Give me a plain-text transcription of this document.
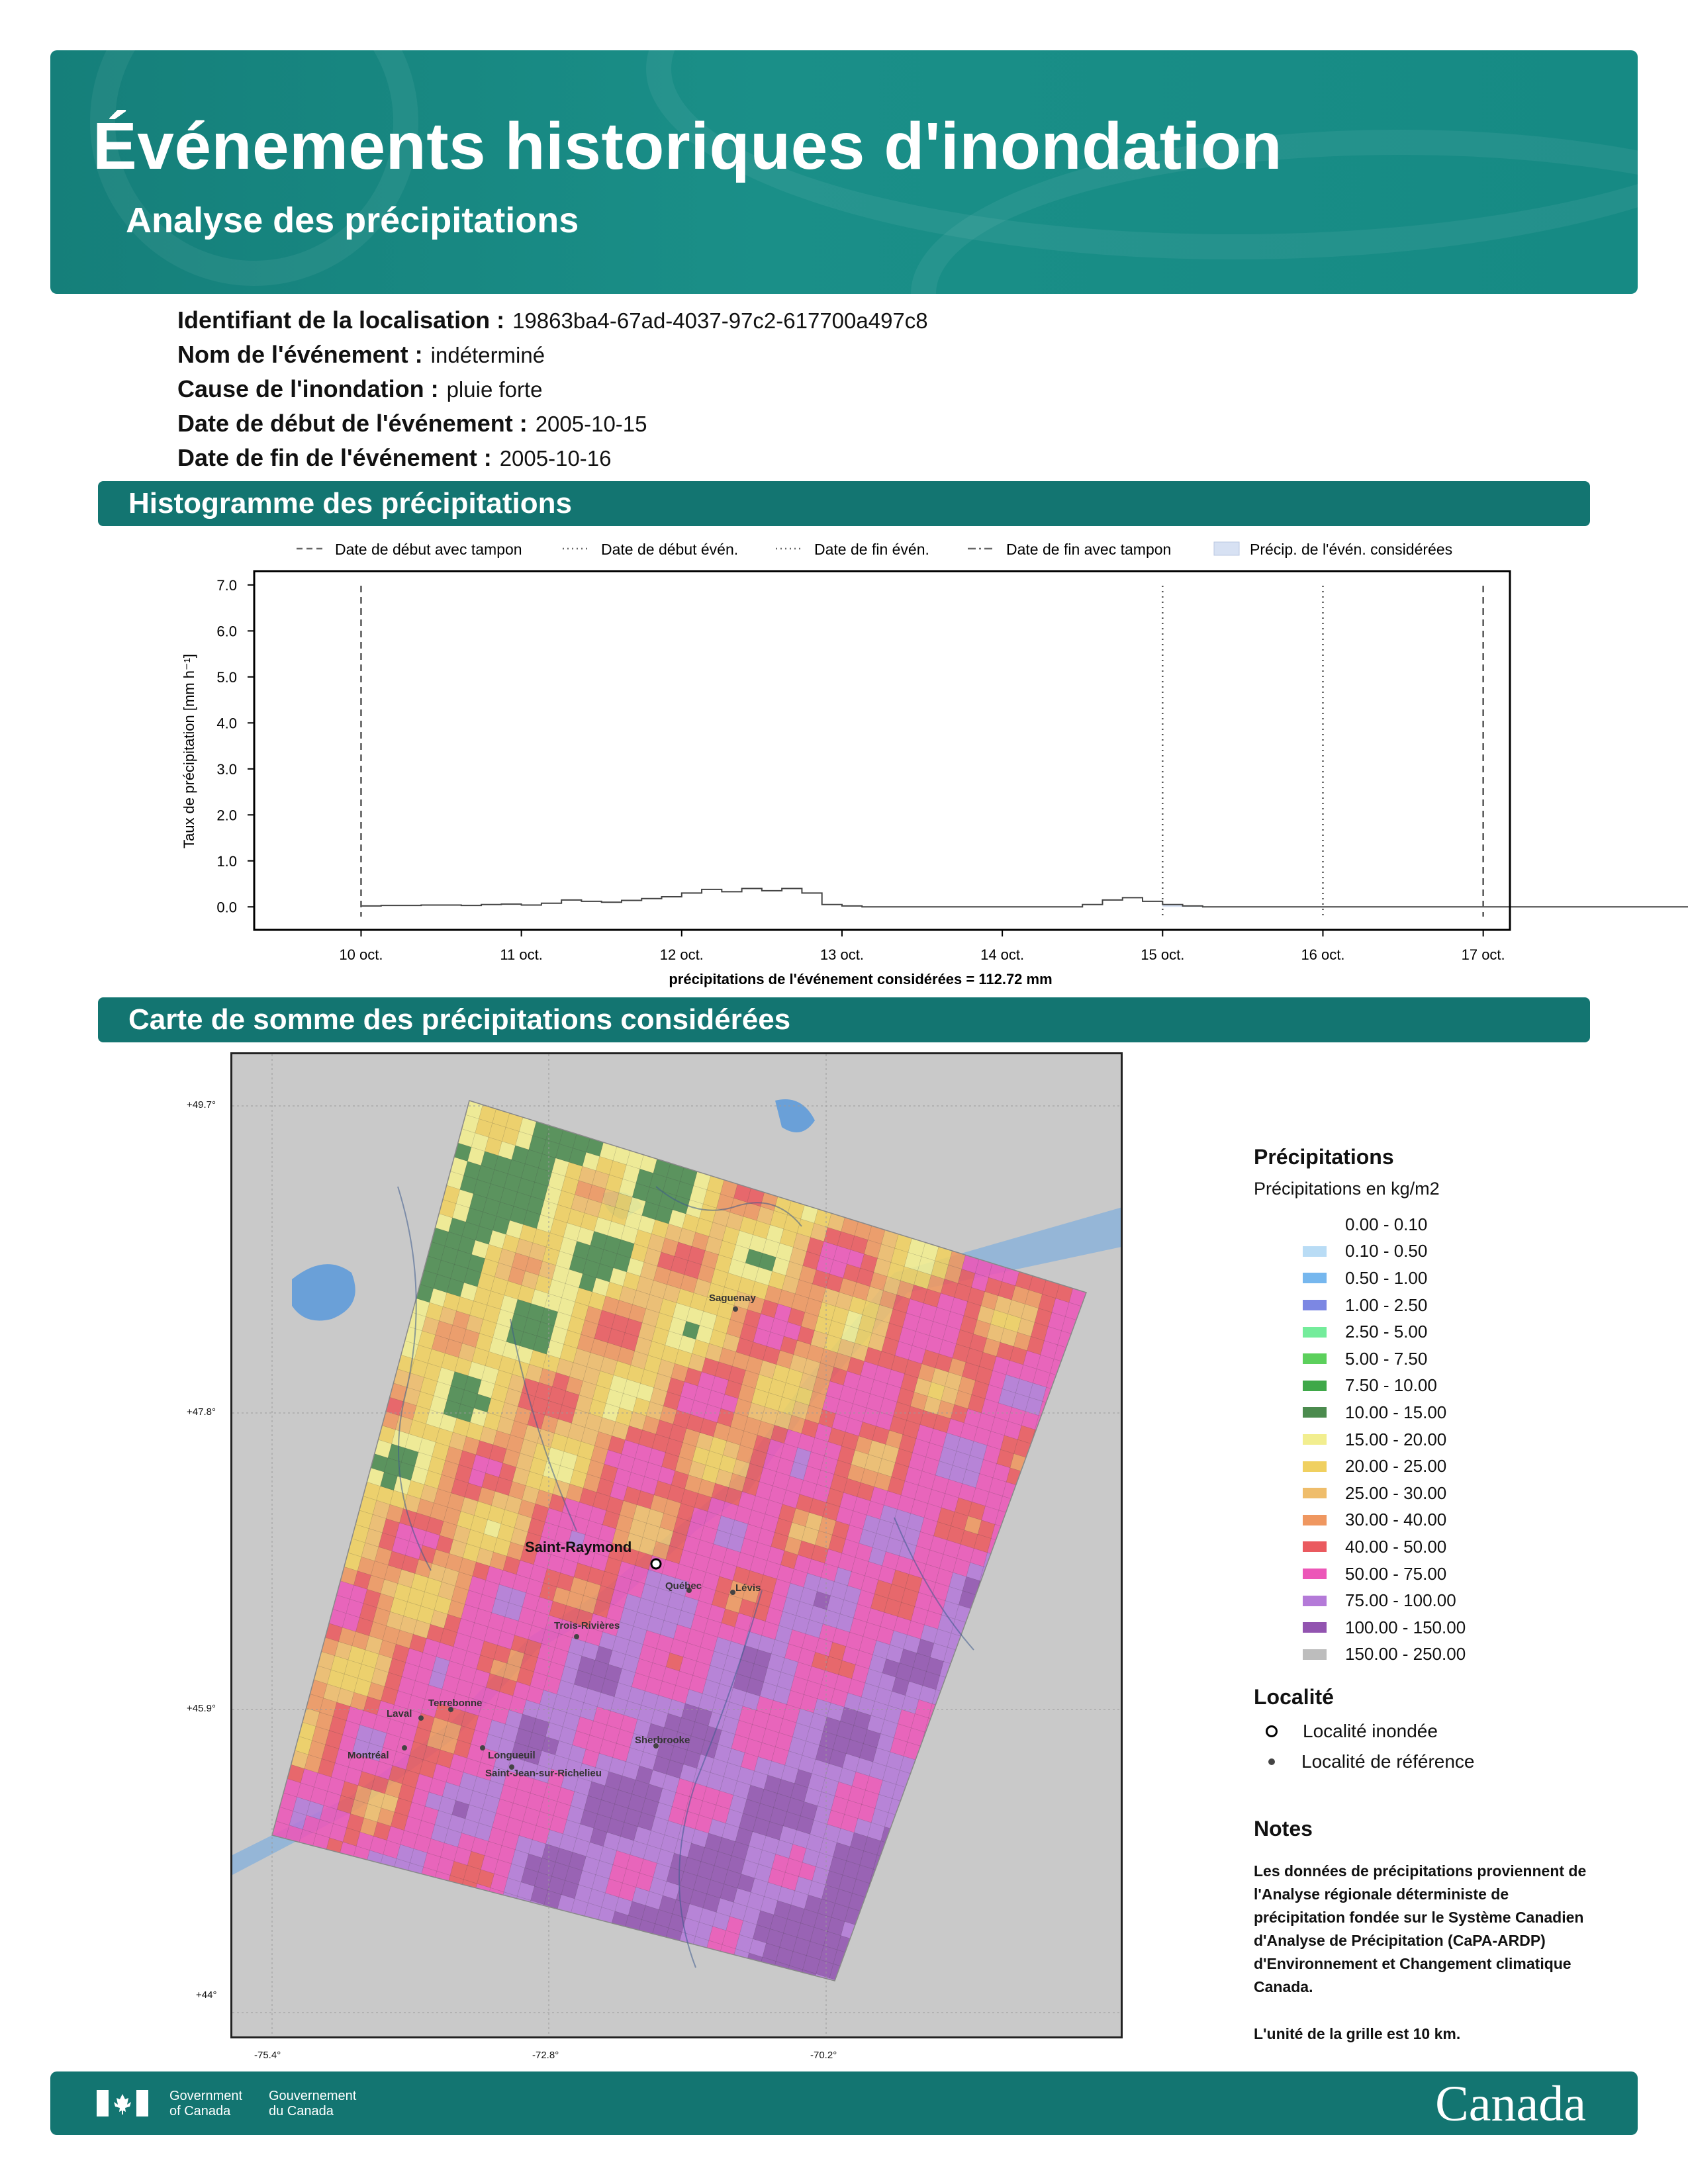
Événements historiques d'inondation
Analyse des précipitations
Identifiant de la localisation : 19863ba4-67ad-4037-97c2-617700a497c8
Nom de l'événement : indéterminé
Cause de l'inondation : pluie forte
Date de début de l'événement : 2005-10-15
Date de fin de l'événement : 2005-10-16
Histogramme des précipitations
Date de début avec tampon	Date de début évén.	Date de fin évén.	Date de fin avec tampon	Précip. de l'évén. considérées
0.0
1.0
2.0
3.0
4.0
5.0
6.0
7.0
10 oct.	11 oct.	12 oct.	13 oct.	14 oct.	15 oct.	16 oct.	17 oct.
Taux de précipitation [mm h⁻¹]
précipitations de l'événement considérées = 112.72 mm
Carte de somme des précipitations considérées
Saint-Raymond
Saguenay
Québec	Lévis
Trois-Rivières
Terrebonne
Laval
Montréal	Longueuil
Sherbrooke
Saint-Jean-sur-Richelieu
+49.7°
+47.8°
+45.9°
+44°
-75.4°	-72.8°	-70.2°
Précipitations
Précipitations en kg/m2
0.00 - 0.10
0.10 - 0.50
0.50 - 1.00
1.00 - 2.50
2.50 - 5.00
5.00 - 7.50
7.50 - 10.00
10.00 - 15.00
15.00 - 20.00
20.00 - 25.00
25.00 - 30.00
30.00 - 40.00
40.00 - 50.00
50.00 - 75.00
75.00 - 100.00
100.00 - 150.00
150.00 - 250.00
Localité
Localité inondée
Localité de référence
Notes
Les données de précipitations proviennent de l'Analyse régionale déterministe de précipitation fondée sur le Système Canadien d'Analyse de Précipitation (CaPA-ARDP) d'Environnement et Changement climatique Canada.
L'unité de la grille est 10 km.
Government
of Canada
Gouvernement
du Canada	Canada
